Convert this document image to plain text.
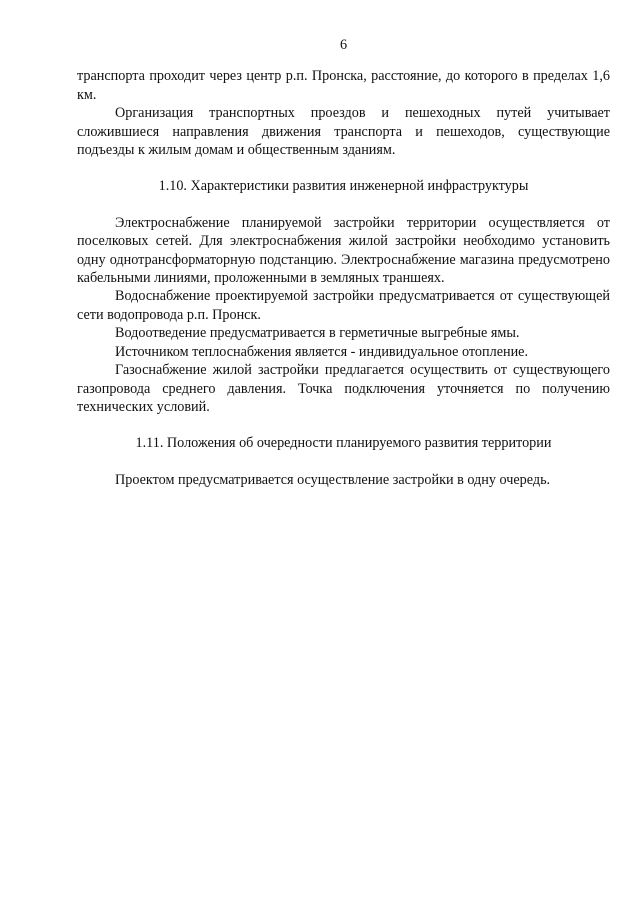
6

транспорта проходит через центр р.п. Пронска, расстояние, до которого в пределах 1,6 км.

Организация транспортных проездов и пешеходных путей учитывает сложившиеся направления движения транспорта и пешеходов, существующие подъезды к жилым домам и общественным зданиям.

1.10. Характеристики развития инженерной инфраструктуры

Электроснабжение планируемой застройки территории осуществляется от поселковых сетей. Для электроснабжения жилой застройки необходимо установить одну однотрансформаторную подстанцию. Электроснабжение магазина предусмотрено кабельными линиями, проложенными в земляных траншеях.

Водоснабжение проектируемой застройки предусматривается от существующей сети водопровода р.п. Пронск.

Водоотведение предусматривается в герметичные выгребные ямы.

Источником теплоснабжения является - индивидуальное отопление.

Газоснабжение жилой застройки предлагается осуществить от существующего газопровода среднего давления. Точка подключения уточняется по получению технических условий.

1.11. Положения об очередности планируемого развития территории

Проектом предусматривается осуществление застройки в одну очередь.
